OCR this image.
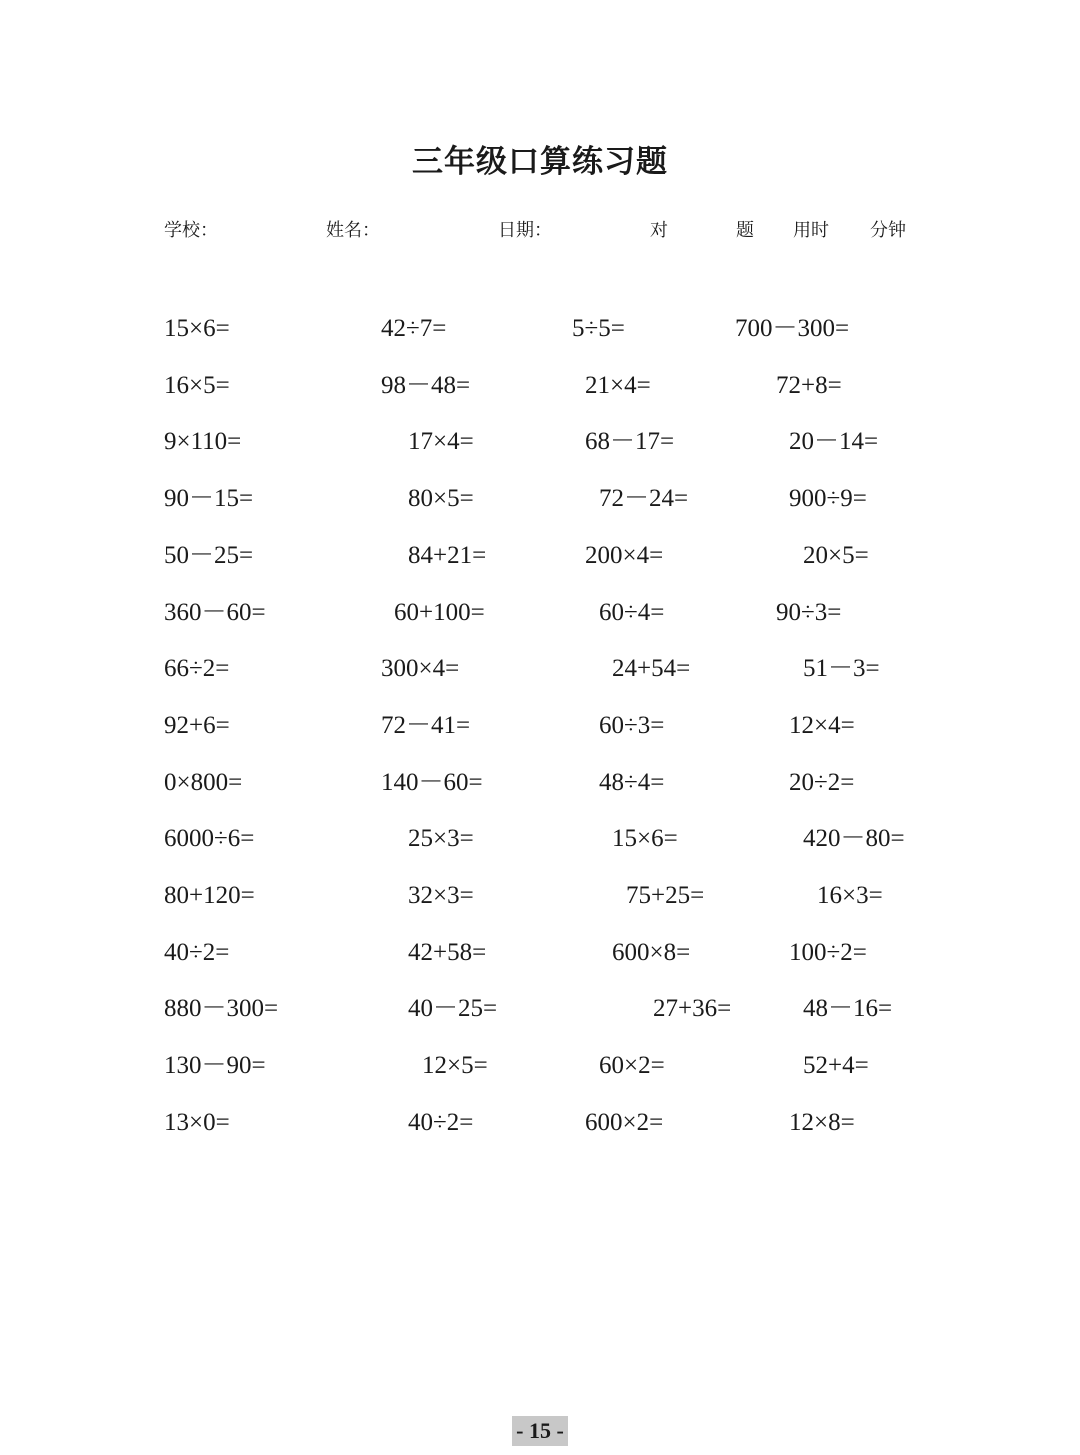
三年级口算练习题
学校：	姓名：	日期：	对	题 用时 分钟
15×6=	42÷7=	5÷5=	700－300=
16×5=	98－48=	21×4=	72+8=
9×110=	17×4=	68－17=	20－14=
90－15=	80×5=	72－24=	900÷9=
50－25=	84+21=	200×4=	20×5=
360－60=	60+100=	60÷4=	90÷3=
66÷2=	300×4=	24+54=	51－3=
92+6=	72－41=	60÷3=	12×4=
0×800=	140－60=	48÷4=	20÷2=
6000÷6=	25×3=	15×6=	420－80=
80+120=	32×3=	75+25=	16×3=
40÷2=	42+58=	600×8=	100÷2=
880－300=	40－25=	27+36=	48－16=
130－90=	12×5=	60×2=	52+4=
13×0=	40÷2=	600×2=	12×8=
- 15 -
